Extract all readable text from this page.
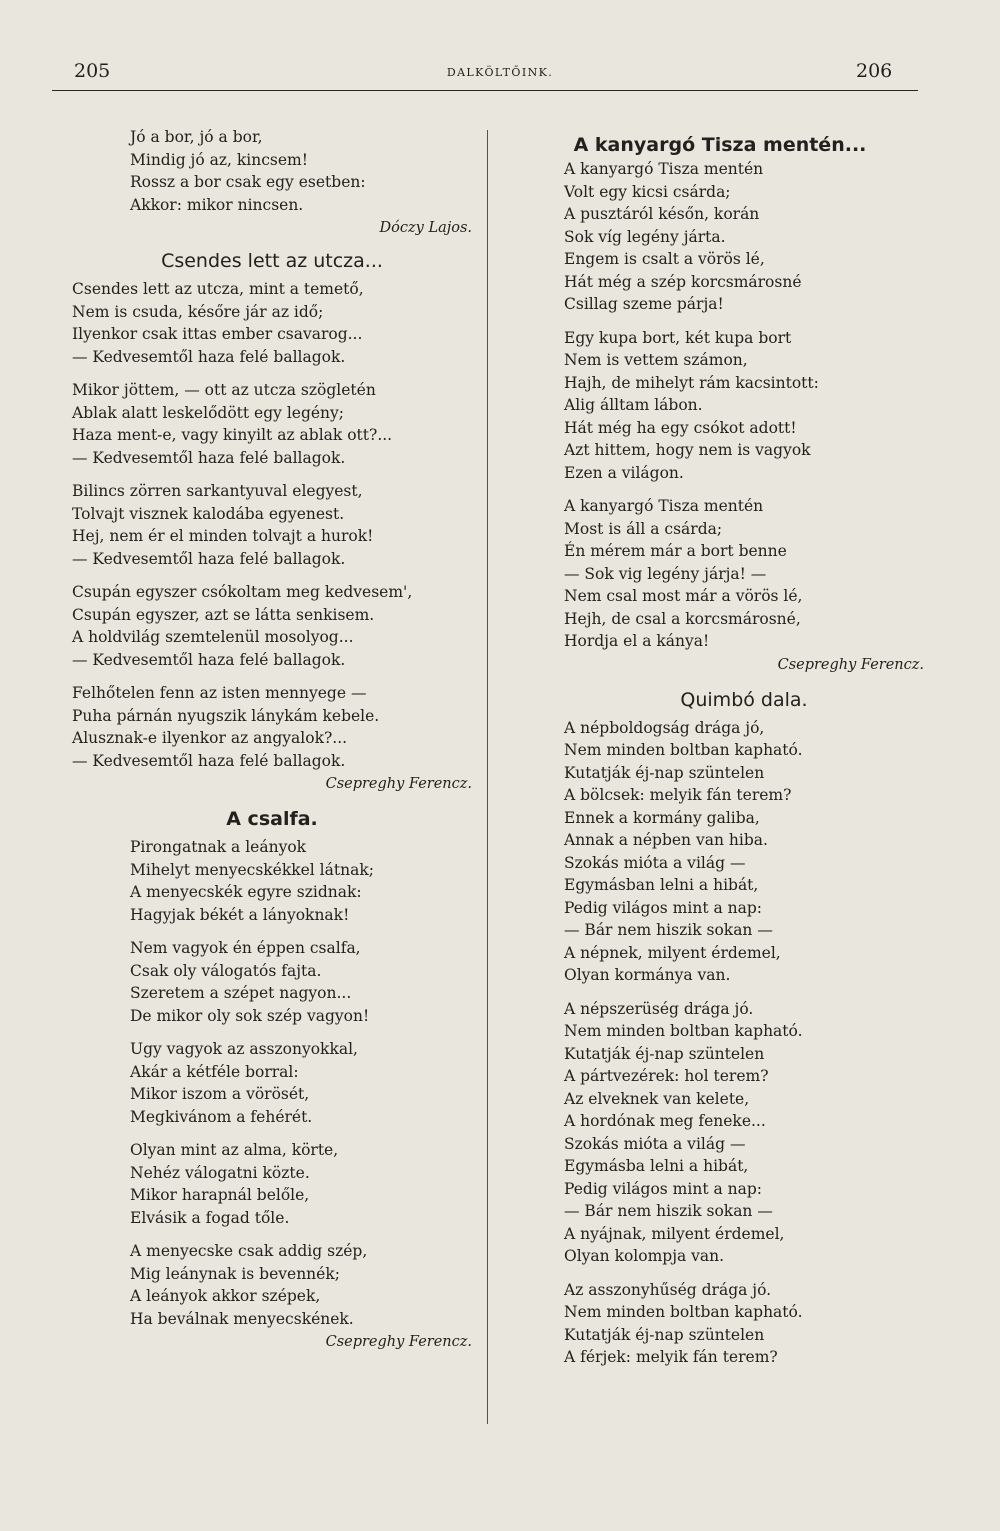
205	DALKÖLTŐINK.	206
Jó a bor, jó a bor,
Mindig jó az, kincsem!
Rossz a bor csak egy esetben:
Akkor: mikor nincsen.
Dóczy Lajos.
Csendes lett az utcza...
Csendes lett az utcza, mint a temető,
Nem is csuda, későre jár az idő;
Ilyenkor csak ittas ember csavarog...
— Kedvesemtől haza felé ballagok.
Mikor jöttem, — ott az utcza szögletén
Ablak alatt leskelődött egy legény;
Haza ment-e, vagy kinyilt az ablak ott?...
— Kedvesemtől haza felé ballagok.
Bilincs zörren sarkantyuval elegyest,
Tolvajt visznek kalodába egyenest.
Hej, nem ér el minden tolvajt a hurok!
— Kedvesemtől haza felé ballagok.
Csupán egyszer csókoltam meg kedvesem',
Csupán egyszer, azt se látta senkisem.
A holdvilág szemtelenül mosolyog...
— Kedvesemtől haza felé ballagok.
Felhőtelen fenn az isten mennyege —
Puha párnán nyugszik lánykám kebele.
Alusznak-e ilyenkor az angyalok?...
— Kedvesemtől haza felé ballagok.
Csepreghy Ferencz.
A csalfa.
Pirongatnak a leányok
Mihelyt menyecskékkel látnak;
A menyecskék egyre szidnak:
Hagyjak békét a lányoknak!
Nem vagyok én éppen csalfa,
Csak oly válogatós fajta.
Szeretem a szépet nagyon...
De mikor oly sok szép vagyon!
Ugy vagyok az asszonyokkal,
Akár a kétféle borral:
Mikor iszom a vörösét,
Megkivánom a fehérét.
Olyan mint az alma, körte,
Nehéz válogatni közte.
Mikor harapnál belőle,
Elvásik a fogad tőle.
A menyecske csak addig szép,
Mig leánynak is bevennék;
A leányok akkor szépek,
Ha beválnak menyecskének.
Csepreghy Ferencz.
A kanyargó Tisza mentén...
A kanyargó Tisza mentén
Volt egy kicsi csárda;
A pusztáról későn, korán
Sok víg legény járta.
Engem is csalt a vörös lé,
Hát még a szép korcsmárosné
Csillag szeme párja!
Egy kupa bort, két kupa bort
Nem is vettem számon,
Hajh, de mihelyt rám kacsintott:
Alig álltam lábon.
Hát még ha egy csókot adott!
Azt hittem, hogy nem is vagyok
Ezen a világon.
A kanyargó Tisza mentén
Most is áll a csárda;
Én mérem már a bort benne
— Sok vig legény járja! —
Nem csal most már a vörös lé,
Hejh, de csal a korcsmárosné,
Hordja el a kánya!
Csepreghy Ferencz.
Quimbó dala.
A népboldogság drága jó,
Nem minden boltban kapható.
Kutatják éj-nap szüntelen
A bölcsek: melyik fán terem?
Ennek a kormány galiba,
Annak a népben van hiba.
Szokás mióta a világ —
Egymásban lelni a hibát,
Pedig világos mint a nap:
— Bár nem hiszik sokan —
A népnek, milyent érdemel,
Olyan kormánya van.
A népszerüség drága jó.
Nem minden boltban kapható.
Kutatják éj-nap szüntelen
A pártvezérek: hol terem?
Az elveknek van kelete,
A hordónak meg feneke...
Szokás mióta a világ —
Egymásba lelni a hibát,
Pedig világos mint a nap:
— Bár nem hiszik sokan —
A nyájnak, milyent érdemel,
Olyan kolompja van.
Az asszonyhűség drága jó.
Nem minden boltban kapható.
Kutatják éj-nap szüntelen
A férjek: melyik fán terem?
